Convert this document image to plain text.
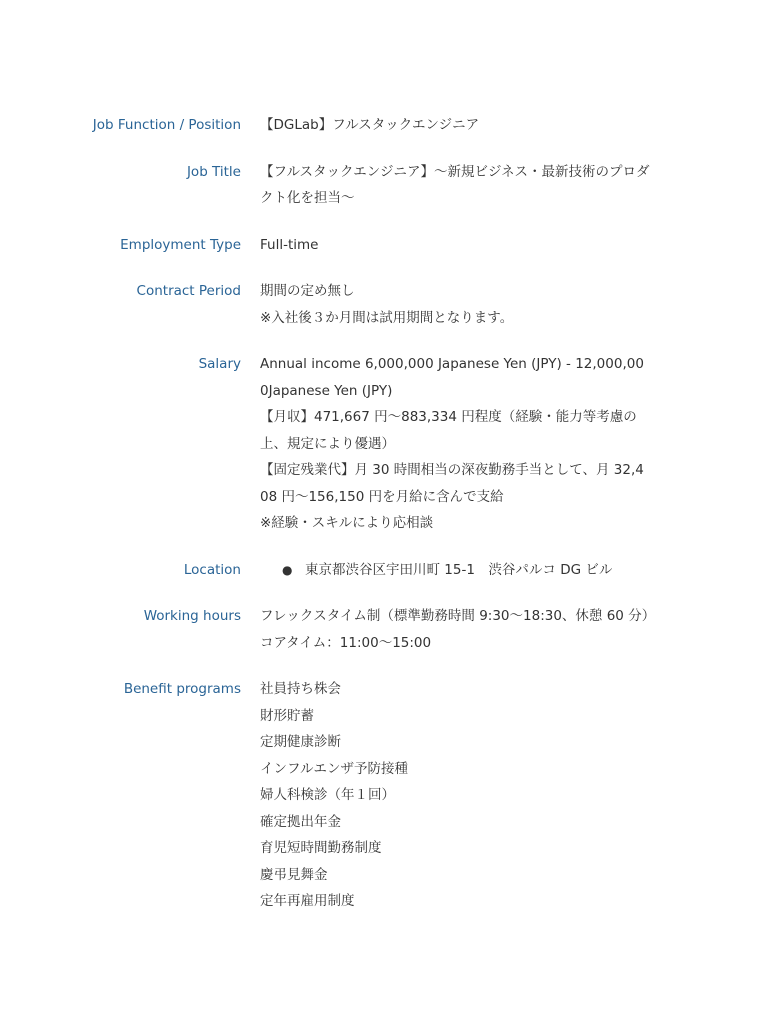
Job Function / Position 【DGLab】フルスタックエンジニア
Job Title 【フルスタックエンジニア】〜新規ビジネス・最新技術のプロダクト化を担当〜
Employment Type Full-time
Contract Period 期間の定め無し
※入社後３か月間は試用期間となります。
Salary Annual income 6,000,000 Japanese Yen (JPY) - 12,000,000Japanese Yen (JPY)
【月収】471,667 円〜883,334 円程度（経験・能力等考慮の上、規定により優遇）
【固定残業代】月 30 時間相当の深夜勤務手当として、月 32,408 円〜156,150 円を月給に含んで支給
※経験・スキルにより応相談
Location	● 東京都渋谷区宇田川町 15-1　渋谷パルコ DG ビル
Working hours フレックスタイム制（標準勤務時間 9:30〜18:30、休憩 60 分）
コアタイム：11:00〜15:00
Benefit programs 社員持ち株会
財形貯蓄
定期健康診断
インフルエンザ予防接種
婦人科検診（年１回）
確定拠出年金
育児短時間勤務制度
慶弔見舞金
定年再雇用制度
